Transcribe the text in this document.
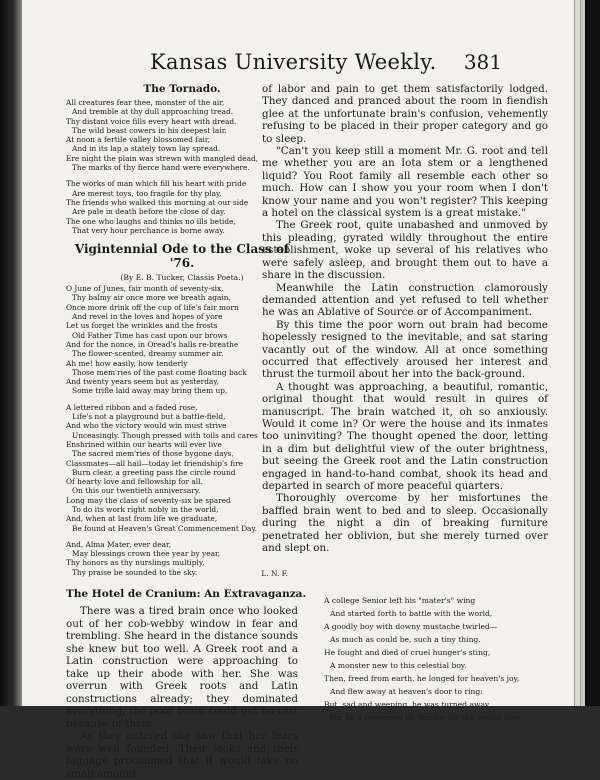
Kansas University Weekly. 381
The Tornado.
All creatures fear thee, monster of the air,
And tremble at thy dull approaching tread.
Thy distant voice fills every heart with dread.
The wild beast cowers in his deepest lair.
At noon a fertile valley blossomed fair,
And in its lap a stately town lay spread.
Ere night the plain was strewn with mangled dead,
The marks of thy fierce hand were everywhere.
The works of man which fill his heart with pride
Are merest toys, too fragile for thy play,
The friends who walked this morning at our side
Are pale in death before the close of day.
The one who laughs and thinks no ills betide,
That very hour perchance is borne away.
Vigintennial Ode to the Class of '76.
(By E. B. Tucker, Classis Poeta.)
O June of Junes, fair month of seventy-six,
Thy balmy air once more we breath again,
Once more drink off the cup of life's fair morn
And revel in the loves and hopes of yore
Let us forget the wrinkles and the frosts
Old Father Time has cast upon our brows
And for the nonce, in Oread's halls re-breathe
The flower-scented, dreamy summer air.
Ah me! how easily, how tenderly
Those mem'ries of the past come floating back
And twenty years seem but as yesterday,
Some trifle laid away may bring them up,
A lettered ribbon and a faded rose,
Life's not a playground but a battle-field,
And who the victory would win must strive
Unceasingly. Though pressed with toils and cares
Enshrined within our hearts will ever live
The sacred mem'ries of those bygone days,
Classmates—all hail—today let friendship's fire
Burn clear, a greeting pass the circle round
Of hearty love and fellowship for all.
On this our twentieth anniversary.
Long may the class of seventy-six be spared
To do its work right nobly in the world,
And, when at last from life we graduate,
Be found at Heaven's Great Commencement Day.
And, Alma Mater, ever dear,
May blessings crown thee year by year,
Thy honors as thy nurslings multiply,
Thy praise be sounded to the sky.	L. N. F.
The Hotel de Cranium: An Extravaganza.

There was a tired brain once who looked out of her cob-webby window in fear and trembling. She heard in the distance sounds she knew but too well. A Greek root and a Latin construction were approaching to take up their abode with her. She was overrun with Greek roots and Latin constructions already; they dominated everything; the poor brain could get no rest because of them.

As they entered she saw that her fears were well founded. Their looks and their luggage proclaimed that it would take no small amount

of labor and pain to get them satisfactorily lodged. They danced and pranced about the room in fiendish glee at the unfortunate brain's confusion, vehemently refusing to be placed in their proper category and go to sleep.

"Can't you keep still a moment Mr. G. root and tell me whether you are an Iota stem or a lengthened liquid? You Root family all resemble each other so much. How can I show you your room when I don't know your name and you won't register? This keeping a hotel on the classical system is a great mistake."

The Greek root, quite unabashed and unmoved by this pleading, gyrated wildly throughout the entire establishment, woke up several of his relatives who were safely asleep, and brought them out to have a share in the discussion.

Meanwhile the Latin construction clamorously demanded attention and yet refused to tell whether he was an Ablative of Source or of Accompaniment.

By this time the poor worn out brain had become hopelessly resigned to the inevitable, and sat staring vacantly out of the window. All at once something occurred that effectively aroused her interest and thrust the turmoil about her into the back-ground.

A thought was approaching, a beautiful, romantic, original thought that would result in quires of manuscript. The brain watched it, oh so anxiously. Would it come in? Or were the house and its inmates too uninviting? The thought opened the door, letting in a dim but delightful view of the outer brightness, but seeing the Greek root and the Latin construction engaged in hand-to-hand combat, shook its head and departed in search of more peaceful quarters.

Thoroughly overcome by her misfortunes the baffled brain went to bed and to sleep. Occasionally during the night a din of breaking furniture penetrated her oblivion, but she merely turned over and slept on.

A college Senior left his "mater's" wing
And started forth to battle with the world,
A goodly boy with downy mustache twirled—
As much as could be, such a tiny thing.
He fought and died of cruel hunger's sting,
A monster new to this celestial boy.
Then, freed from earth, he longed for heaven's joy,
And flew away at heaven's door to ring:
But, sad and weeping, he was turned away,
For he'd rehearsed on Sunday for the Senior play.
